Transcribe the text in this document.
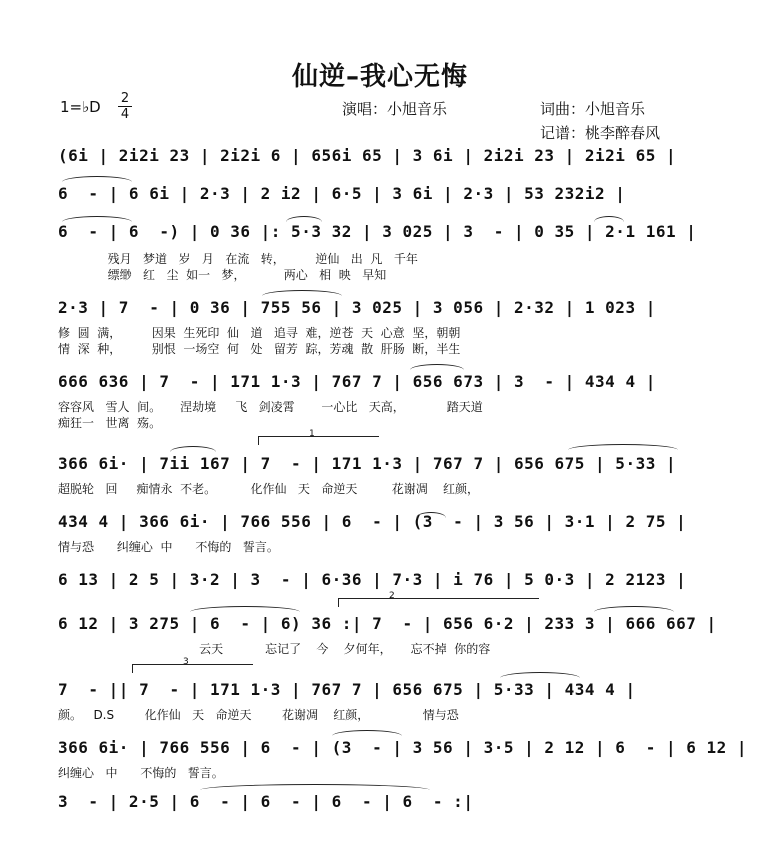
仙逆–我心无悔
1=♭D 2
4	演唱：小旭音乐	词曲：小旭音乐
记谱：桃李醉春风
(6i | 2i2i 23 | 2i2i 6 | 656i 65 | 3 6i | 2i2i 23 | 2i2i 65 |
6  - | 6 6i | 2·3 | 2 i2 | 6·5 | 3 6i | 2·3 | 53 232i2 |
6  - | 6  -) | 0 36 |: 5·3 32 | 3 025 | 3  - | 0 35 | 2·1 161 |
残月   梦道   岁   月   在流   转，        逆仙   出  凡   千年
缥缈   红   尘  如一   梦，          两心   相  映   早知
2·3 | 7  - | 0 36 | 755 56 | 3 025 | 3 056 | 2·32 | 1 023 |
修  圆  满，        因果  生死印  仙   道   追寻  难，逆苍  天  心意  坚，朝朝
情  深  种，        别恨  一场空  何   处   留芳  踪，芳魂  散  肝肠  断，半生
666 636 | 7  - | 171 1·3 | 767 7 | 656 673 | 3  - | 434 4 |
容容风   雪人  间。     涅劫境     飞   剑凌霄       一心比   天高，           踏天道
痴狂一   世离  殇。
366 6i· | 7ii 167 | 7  - | 171 1·3 | 767 7 | 656 675 | 5·33 |
超脱轮   回     痴情永  不老。         化作仙   天   命逆天         花谢凋    红颜，
434 4 | 366 6i· | 766 556 | 6  - | (3  - | 3 56 | 3·1 | 2 75 |
情与恐      纠缠心  中      不悔的   誓言。
6 13 | 2 5 | 3·2 | 3  - | 6·36 | 7·3 | i 76 | 5 0·3 | 2 2123 |
6 12 | 3 275 | 6  - | 6) 36 :| 7  - | 656 6·2 | 233 3 | 666 667 |
云天           忘记了    今    夕何年，     忘不掉  你的容
7  - || 7  - | 171 1·3 | 767 7 | 656 675 | 5·33 | 434 4 |
颜。   D.S        化作仙   天   命逆天        花谢凋    红颜，              情与恐
366 6i· | 766 556 | 6  - | (3  - | 3 56 | 3·5 | 2 12 | 6  - | 6 12 |
纠缠心   中      不悔的   誓言。
3  - | 2·5 | 6  - | 6  - | 6  - | 6  - :|
1
2
3
